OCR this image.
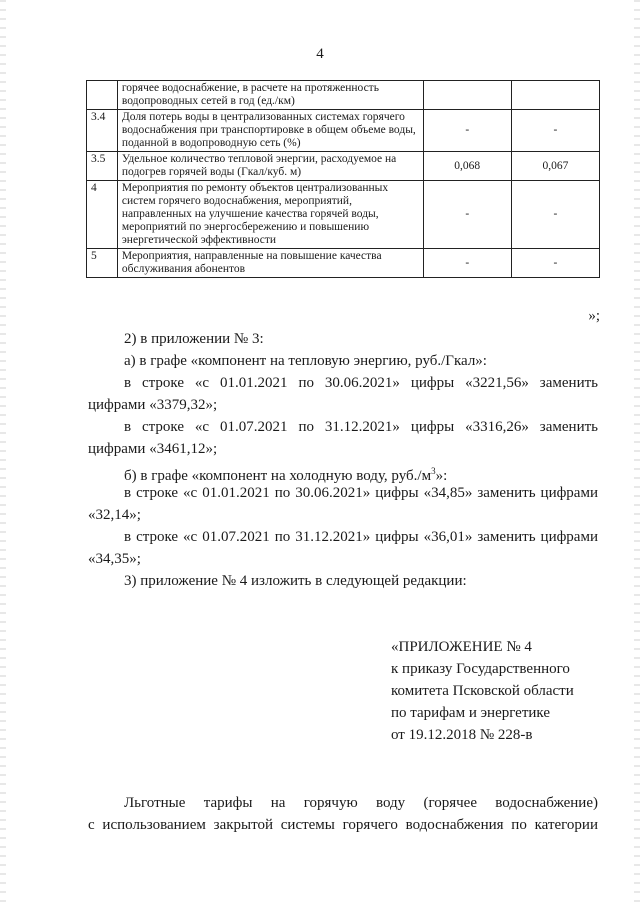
4
	горячее водоснабжение, в расчете на протяженность водопроводных сетей в год (ед./км)		
3.4	Доля потерь воды в централизованных системах горячего водоснабжения при транспортировке в общем объеме воды, поданной в водопроводную сеть (%)	-	-
3.5	Удельное количество тепловой энергии, расходуемое на подогрев горячей воды (Гкал/куб. м)	0,068	0,067
4	Мероприятия по ремонту объектов централизованных систем горячего водоснабжения, мероприятий, направленных на улучшение качества горячей воды, мероприятий по энергосбережению и повышению энергетической эффективности	-	-
5	Мероприятия, направленные на повышение качества обслуживания абонентов	-	-
»;
2) в приложении № 3:
а) в графе «компонент на тепловую энергию, руб./Гкал»:
в строке «с 01.01.2021 по 30.06.2021» цифры «3221,56» заменить
цифрами «3379,32»;
в строке «с 01.07.2021 по 31.12.2021» цифры «3316,26» заменить
цифрами «3461,12»;
б) в графе «компонент на холодную воду, $руб./м^3$»:
в строке «с 01.01.2021 по 30.06.2021» цифры «34,85» заменить цифрами
«32,14»;
в строке «с 01.07.2021 по 31.12.2021» цифры «36,01» заменить цифрами
«34,35»;
3) приложение № 4 изложить в следующей редакции:
«ПРИЛОЖЕНИЕ № 4
к приказу Государственного
комитета Псковской области
по тарифам и энергетике
от 19.12.2018 № 228-в
Льготные тарифы на горячую воду (горячее водоснабжение)
с использованием закрытой системы горячего водоснабжения по категории
